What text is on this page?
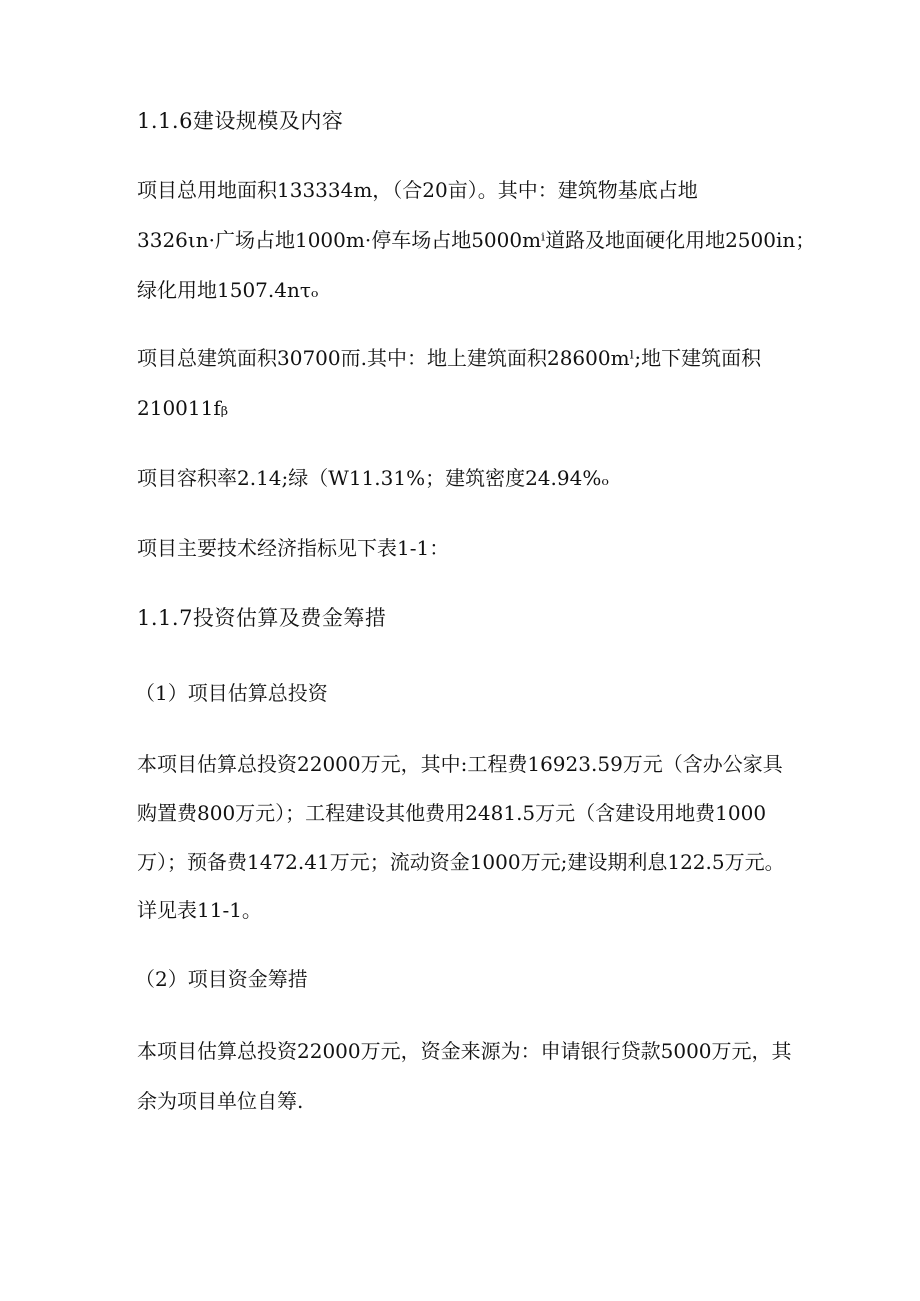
1.1.6建设规模及内容

项目总用地面积133334m，（合20亩）。其中：建筑物基底占地

3326ιn·广场占地1000m·停车场占地5000mⁱ道路及地面硬化用地2500in；

绿化用地1507.4nτₒ

项目总建筑面积30700而.其中：地上建筑面积28600mˡ;地下建筑面积

210011fᵦ

项目容积率2.14;绿（W11.31%；建筑密度24.94%ₒ

项目主要技术经济指标见下表1-1：

1.1.7投资估算及费金筹措

（1）项目估算总投资

本项目估算总投资22000万元，其中:工程费16923.59万元（含办公家具

购置费800万元）；工程建设其他费用2481.5万元（含建设用地费1000

万）；预备费1472.41万元；流动资金1000万元;建设期利息122.5万元。

详见表11-1。

（2）项目资金筹措

本项目估算总投资22000万元，资金来源为：申请银行贷款5000万元，其

余为项目单位自筹.
